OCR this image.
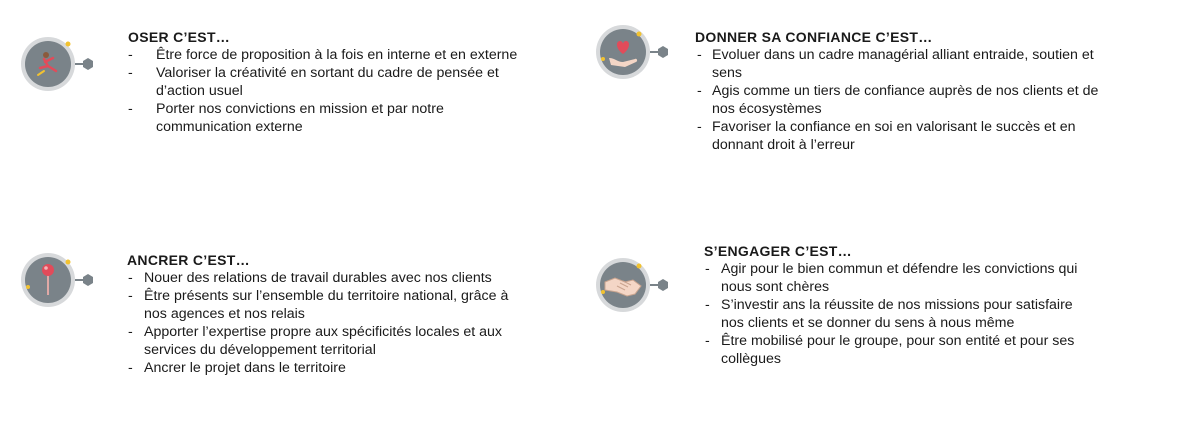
OSER C’EST…
-	Être force de proposition à la fois en interne et en externe
-	Valoriser la créativité en sortant du cadre de pensée et d’action usuel
-	Porter nos convictions en mission et par notre communication externe
DONNER SA CONFIANCE C’EST…
- Evoluer dans un cadre managérial alliant entraide, soutien et sens
- Agis comme un tiers de confiance auprès de nos clients et de nos écosystèmes
- Favoriser la confiance en soi en valorisant le succès et en donnant droit à l’erreur
ANCRER C’EST…
- Nouer des relations de travail durables avec nos clients
- Être présents sur l’ensemble du territoire national, grâce à nos agences et nos relais
- Apporter l’expertise propre aux spécificités locales et aux services du développement territorial
- Ancrer le projet dans le territoire
S’ENGAGER C’EST…
- Agir pour le bien commun et défendre les convictions qui nous sont chères
- S’investir ans la réussite de nos missions pour satisfaire nos clients et se donner du sens à nous même
- Être mobilisé pour le groupe, pour son entité et pour ses collègues
